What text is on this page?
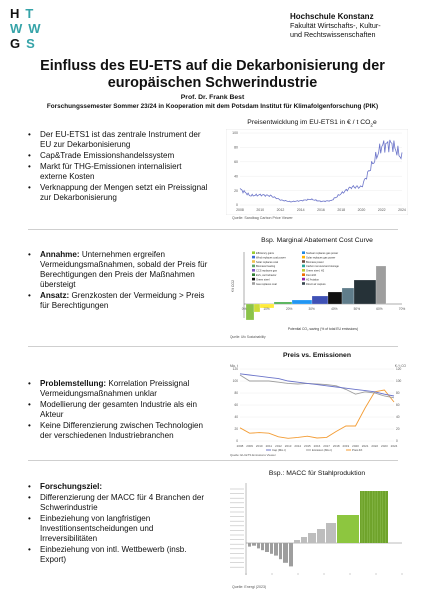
HT
WW
GS
Hochschule Konstanz
Fakultät Wirtschafts-, Kultur-
und Rechtswissenschaften
Einfluss des EU-ETS auf die Dekarbonisierung der
europäischen Schwerindustrie
Prof. Dr. Frank Best
Forschungssemester Sommer 23/24 in Kooperation mit dem Potsdam Institut für Klimafolgenforschung (PIK)
• Der EU-ETS1 ist das zentrale Instrument der EU zur Dekarbonisierung
• Cap&Trade Emissionshandelssystem
• Markt für THG-Emissionen internalisiert externe Kosten
• Verknappung der Mengen setzt ein Preissignal zur Dekarbonisierung
Preisentwicklung im EU-ETS1 in € / t $CO_2e$
0
20
40
60
80
100
2008	2010	2012	2014	2016	2018	2020	2022	2024
Quelle: Sandbag Carbon Price Viewer
• Annahme: Unternehmen ergreifen Vermeidungsmaßnahmen, sobald der Preis für Berechtigungen den Preis der Maßnahmen übersteigt
• Ansatz: Grenzkosten der Vermeidung > Preis für Berechtigungen
Bsp. Marginal Abatement Cost Curve
€/t CO2
Efficiency gains
Wind replaces coal power
Solar replaces coal
Biomass heating
CCS replaces gas
EVs, car behavior
Green steel
Gas replaces coal
Nuclear replaces gas power
Solar replaces gas power
Biomass power
Carbon removal and storage
Green steel, H2
Diet shift
H2 Aviation
Direct air capture
0%	10%	20%	30%	40%	50%	60%	70%
Potential CO₂ saving (% of total EU emissions)
Quelle: Ufo Sustainability
• Problemstellung: Korrelation Preissignal Vermeidungsmaßnahmen unklar
• Modellierung der gesamten Industrie als ein Akteur
• Keine Differenzierung zwischen Technologien der verschiedenen Industriebranchen
Preis vs. Emissionen
Mio. t	€ / t CO
0	0
20	20
40	40
60	60
80	80
100	100
120	120
2008 2009 2010 2011 2012 2013 2014 2015 2016 2017 2018 2019 2020 2021 2022 2023 2024
Cap (Mio t)	Emission (Mio t)	Preis €/t
Quelle: EU-ETS Emissions Viewer
• Forschungsziel:
• Differenzierung der MACC für 4 Branchen der Schwerindustrie
• Einbeziehung von langfristigen Investitionsentscheidungen und Irreversibilitäten
• Einbeziehung von intl. Wettbewerb (insb. Export)
Bsp.: MACC für Stahlproduktion
Quelle: Energi (2023)
